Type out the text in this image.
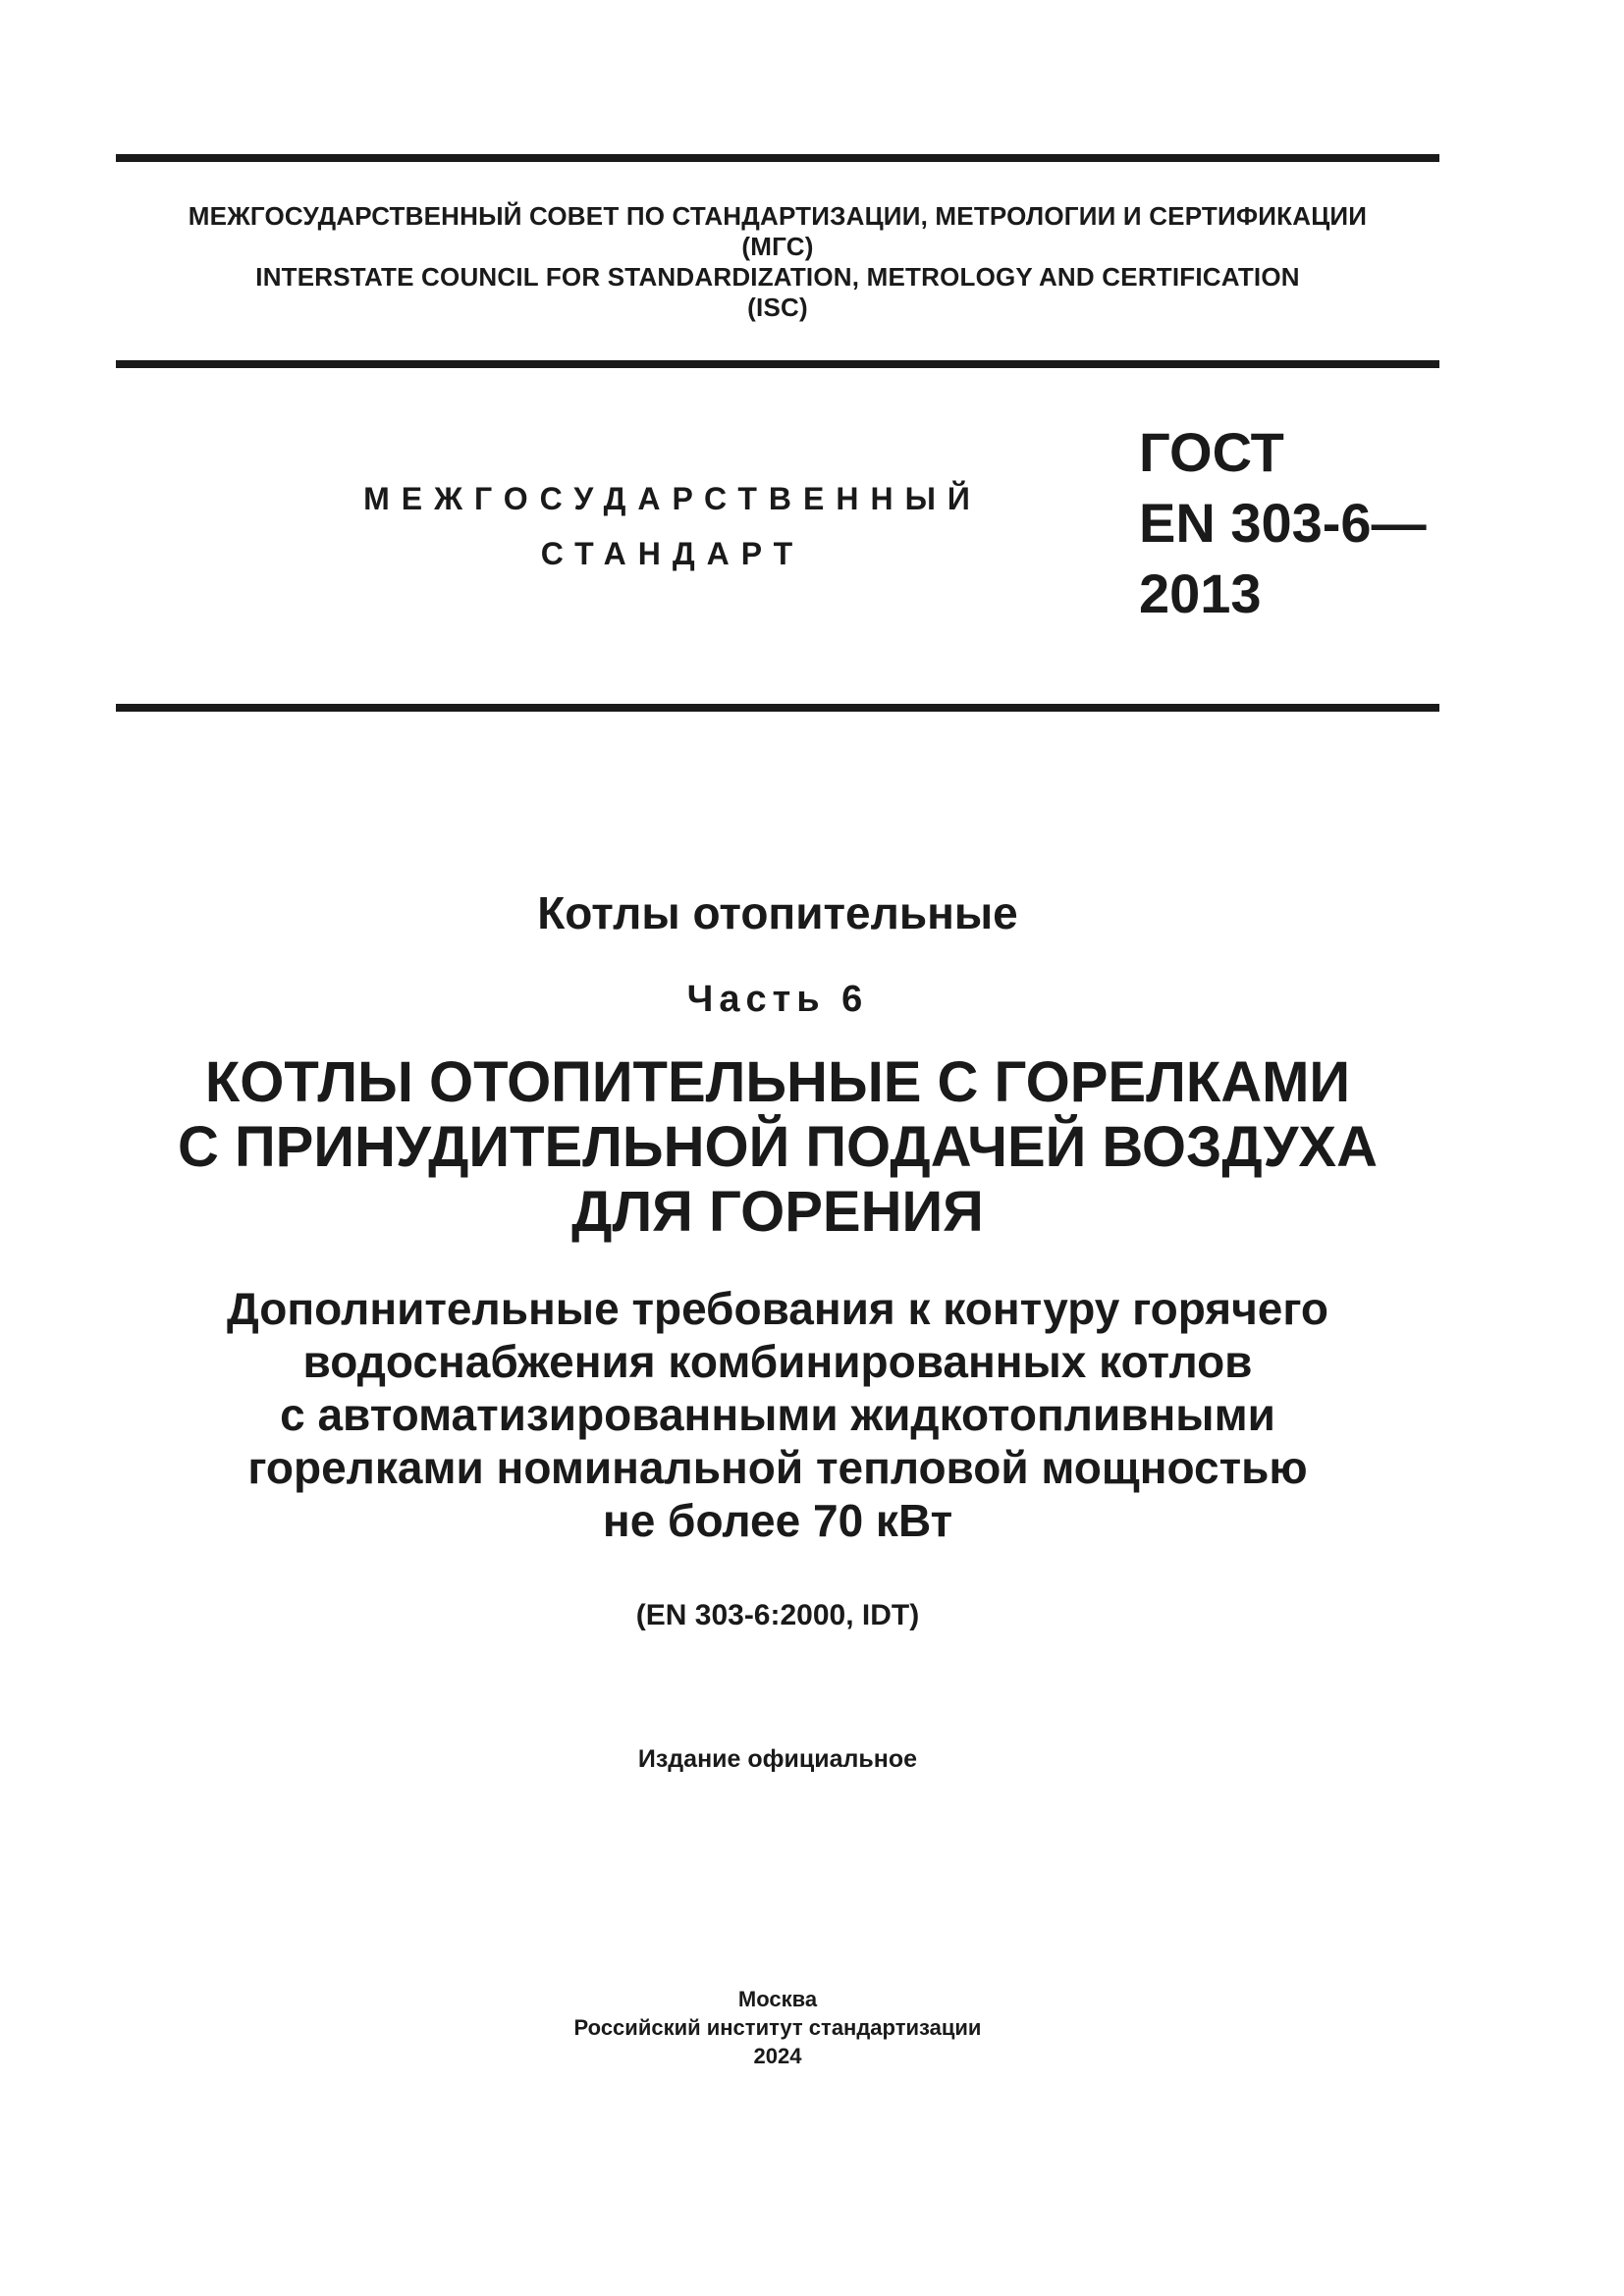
МЕЖГОСУДАРСТВЕННЫЙ СОВЕТ ПО СТАНДАРТИЗАЦИИ, МЕТРОЛОГИИ И СЕРТИФИКАЦИИ
(МГС)
INTERSTATE COUNCIL FOR STANDARDIZATION, METROLOGY AND CERTIFICATION
(ISC)
МЕЖГОСУДАРСТВЕННЫЙ
СТАНДАРТ
ГОСТ
EN 303-6—
2013
Котлы отопительные
Часть 6
КОТЛЫ ОТОПИТЕЛЬНЫЕ С ГОРЕЛКАМИ
С ПРИНУДИТЕЛЬНОЙ ПОДАЧЕЙ ВОЗДУХА
ДЛЯ ГОРЕНИЯ
Дополнительные требования к контуру горячего
водоснабжения комбинированных котлов
с автоматизированными жидкотопливными
горелками номинальной тепловой мощностью
не более 70 кВт
(EN 303-6:2000, IDT)
Издание официальное
Москва
Российский институт стандартизации
2024
